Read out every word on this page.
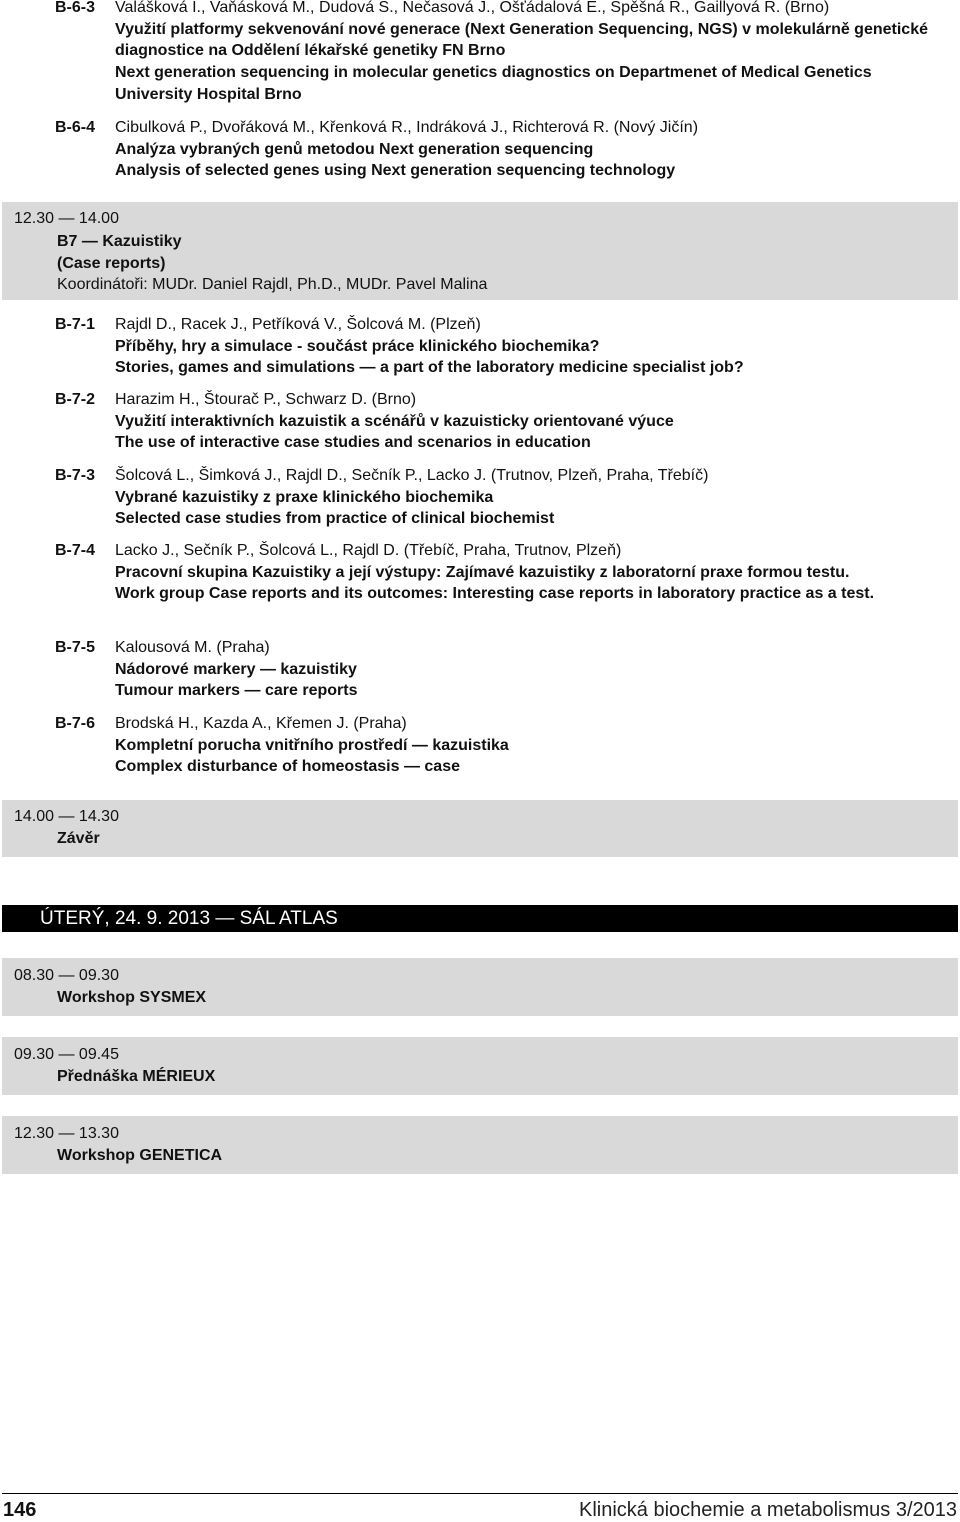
B-6-3 Valášková I., Vaňásková M., Dudová S., Nečasová J., Ošťádalová E., Spěšná R., Gaillyová R. (Brno)
Využití platformy sekvenování nové generace (Next Generation Sequencing, NGS) v molekulárně genetické diagnostice na Oddělení lékařské genetiky FN Brno
Next generation sequencing in molecular genetics diagnostics on Departmenet of Medical Genetics University Hospital Brno
B-6-4 Cibulková P., Dvořáková M., Křenková R., Indráková J., Richterová R. (Nový Jičín)
Analýza vybraných genů metodou Next generation sequencing
Analysis of selected genes using Next generation sequencing technology
12.30 — 14.00
B7 — Kazuistiky
(Case reports)
Koordinátoři: MUDr. Daniel Rajdl, Ph.D., MUDr. Pavel Malina
B-7-1 Rajdl D., Racek J., Petříková V., Šolcová M. (Plzeň)
Příběhy, hry a simulace - součást práce klinického biochemika?
Stories, games and simulations — a part of the laboratory medicine specialist job?
B-7-2 Harazim H., Štourač P., Schwarz D. (Brno)
Využití interaktivních kazuistik a scénářů v kazuisticky orientované výuce
The use of interactive case studies and scenarios in education
B-7-3 Šolcová L., Šimková J., Rajdl D., Sečník P., Lacko J. (Trutnov, Plzeň, Praha, Třebíč)
Vybrané kazuistiky z praxe klinického biochemika
Selected case studies from practice of clinical biochemist
B-7-4 Lacko J., Sečník P., Šolcová L., Rajdl D. (Třebíč, Praha, Trutnov, Plzeň)
Pracovní skupina Kazuistiky a její výstupy: Zajímavé kazuistiky z laboratorní praxe formou testu.
Work group Case reports and its outcomes: Interesting case reports in laboratory practice as a test.
B-7-5 Kalousová M. (Praha)
Nádorové markery — kazuistiky
Tumour markers — care reports
B-7-6 Brodská H., Kazda A., Křemen J. (Praha)
Kompletní porucha vnitřního prostředí — kazuistika
Complex disturbance of homeostasis — case
14.00 — 14.30
Závěr
ÚTERÝ, 24. 9. 2013 — SÁL ATLAS
08.30 — 09.30
Workshop SYSMEX
09.30 — 09.45
Přednáška MÉRIEUX
12.30 — 13.30
Workshop GENETICA
146	Klinická biochemie a metabolismus 3/2013
